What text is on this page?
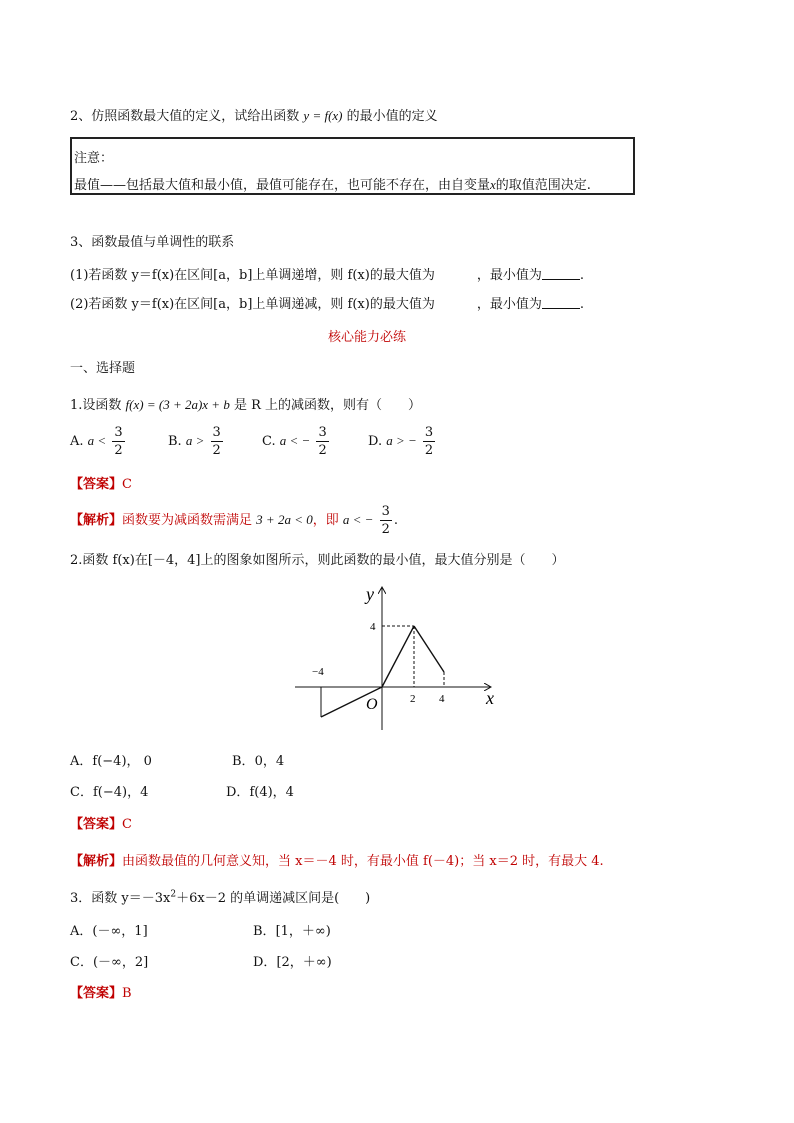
2、仿照函数最大值的定义，试给出函数 y = f(x) 的最小值的定义
注意：
最值——包括最大值和最小值，最值可能存在，也可能不存在，由自变量x的取值范围决定.
3、函数最值与单调性的联系
(1)若函数 y＝f(x)在区间[a，b]上单调递增，则 f(x)的最大值为	，最小值为	.
(2)若函数 y＝f(x)在区间[a，b]上单调递减，则 f(x)的最大值为	，最小值为	.
核心能力必练
一、选择题
1.设函数 f(x) = (3 + 2a)x + b 是 R 上的减函数，则有（　　）
A. $a < \frac{3}{2}$	B. $a > \frac{3}{2}$	C. a < − $\frac{3}{2}$	D. a > − $\frac{3}{2}$
【答案】C
【解析】函数要为减函数需满足 3 + 2a < 0，即 a < − $\frac{3}{2}$ .
2.函数 f(x)在[－4，4]上的图象如图所示，则此函数的最小值，最大值分别是（　　）
y
x
O
−4
2 4
4
A．f(−4)， 0	B．0，4
C．f(−4)，4	D．f(4)，4
【答案】C
【解析】由函数最值的几何意义知，当 x＝－4 时，有最小值 f(－4)；当 x＝2 时，有最大 4.
3．函数 $y=-3x^2+6x-2$ 的单调递减区间是(　　)
A．(－∞，1]	B．[1，＋∞)
C．(－∞，2]	D．[2，＋∞)
【答案】B
